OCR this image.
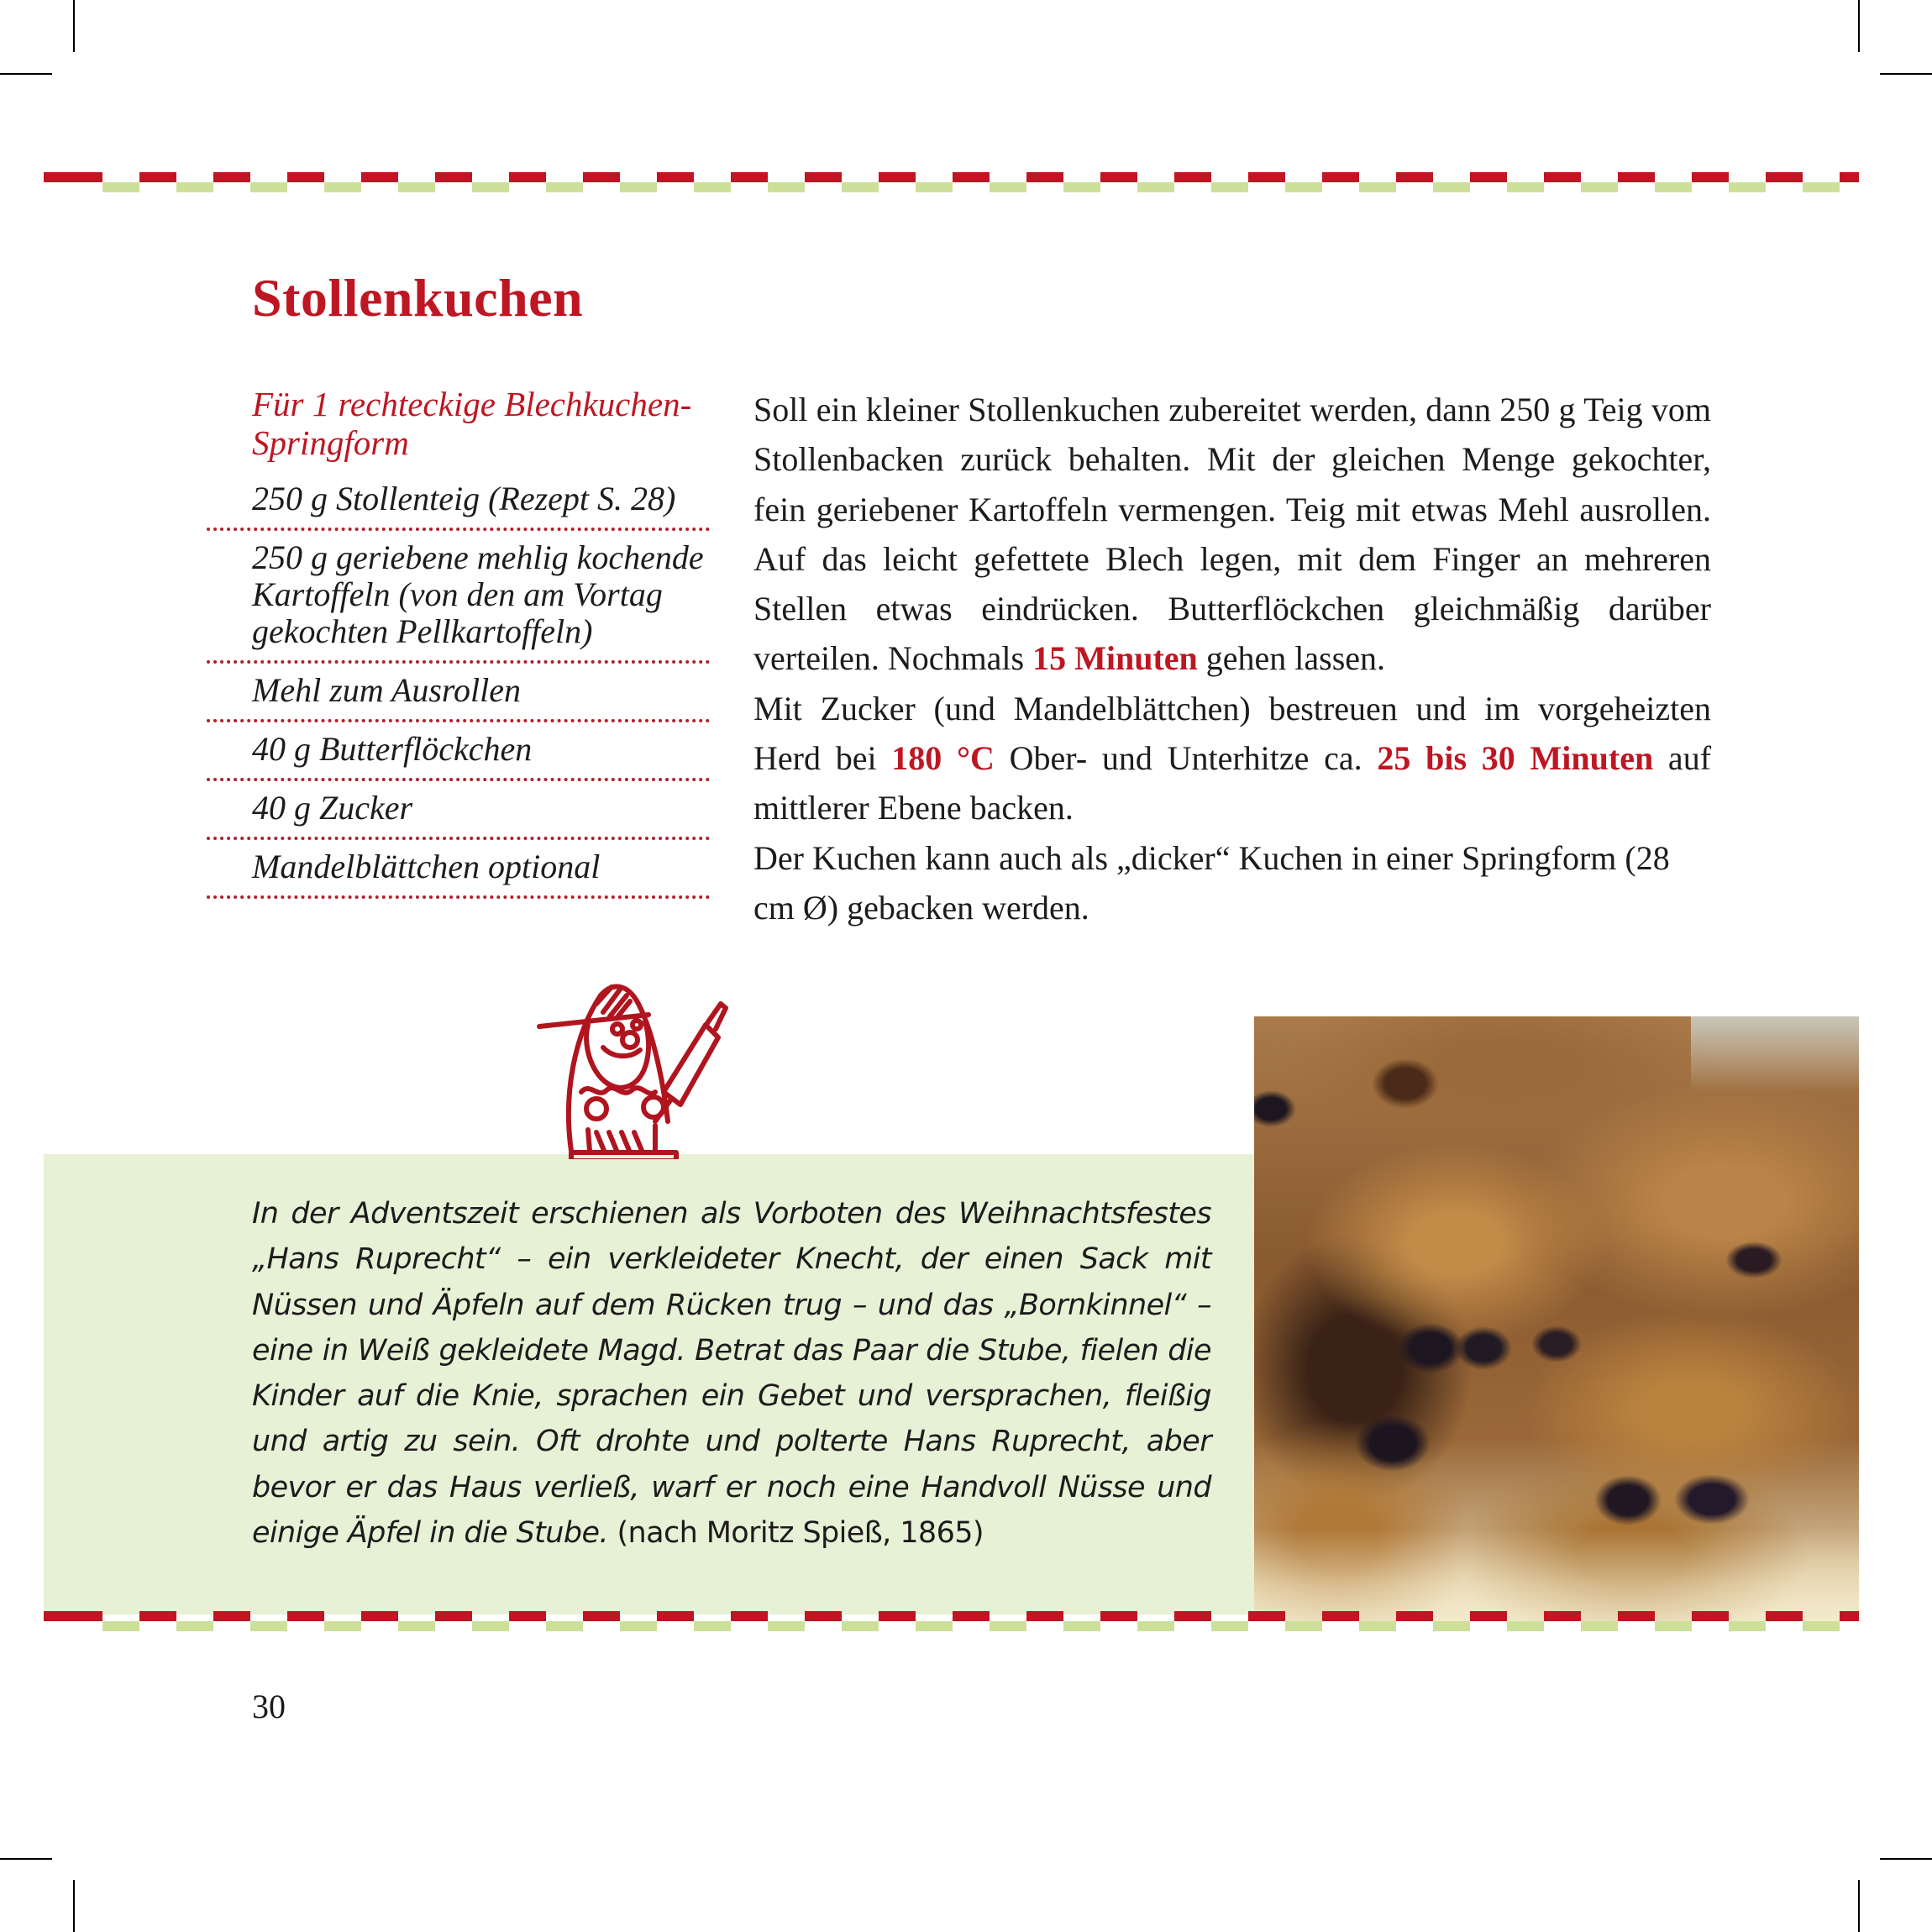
Stollenkuchen
Für 1 rechteckige Blechkuchen-Springform
250 g Stollenteig (Rezept S. 28)
250 g geriebene mehlig kochende Kartoffeln (von den am Vortag gekochten Pellkartoffeln)
Mehl zum Ausrollen
40 g Butterflöckchen
40 g Zucker
Mandelblättchen optional

Soll ein kleiner Stollenkuchen zubereitet werden, dann 250 g Teig vom Stollenbacken zurück behalten. Mit der gleichen Menge gekochter, fein geriebener Kartoffeln vermengen. Teig mit etwas Mehl ausrollen. Auf das leicht gefettete Blech legen, mit dem Finger an mehreren Stellen etwas eindrücken. Butterflöckchen gleichmäßig darüber verteilen. Nochmals 15 Minuten gehen lassen.

Mit Zucker (und Mandelblättchen) bestreuen und im vorgeheizten Herd bei 180 °C Ober- und Unterhitze ca. 25 bis 30 Minuten auf mittlerer Ebene backen.

Der Kuchen kann auch als „dicker“ Kuchen in einer Springform (28 cm Ø) gebacken werden.

In der Adventszeit erschienen als Vorboten des Weihnachtsfestes „Hans Ruprecht“ – ein verkleideter Knecht, der einen Sack mit Nüssen und Äpfeln auf dem Rücken trug – und das „Bornkinnel“ – eine in Weiß gekleidete Magd. Betrat das Paar die Stube, fielen die Kinder auf die Knie, sprachen ein Gebet und versprachen, fleißig und artig zu sein. Oft drohte und polterte Hans Ruprecht, aber bevor er das Haus verließ, warf er noch eine Handvoll Nüsse und einige Äpfel in die Stube. (nach Moritz Spieß, 1865)
30
